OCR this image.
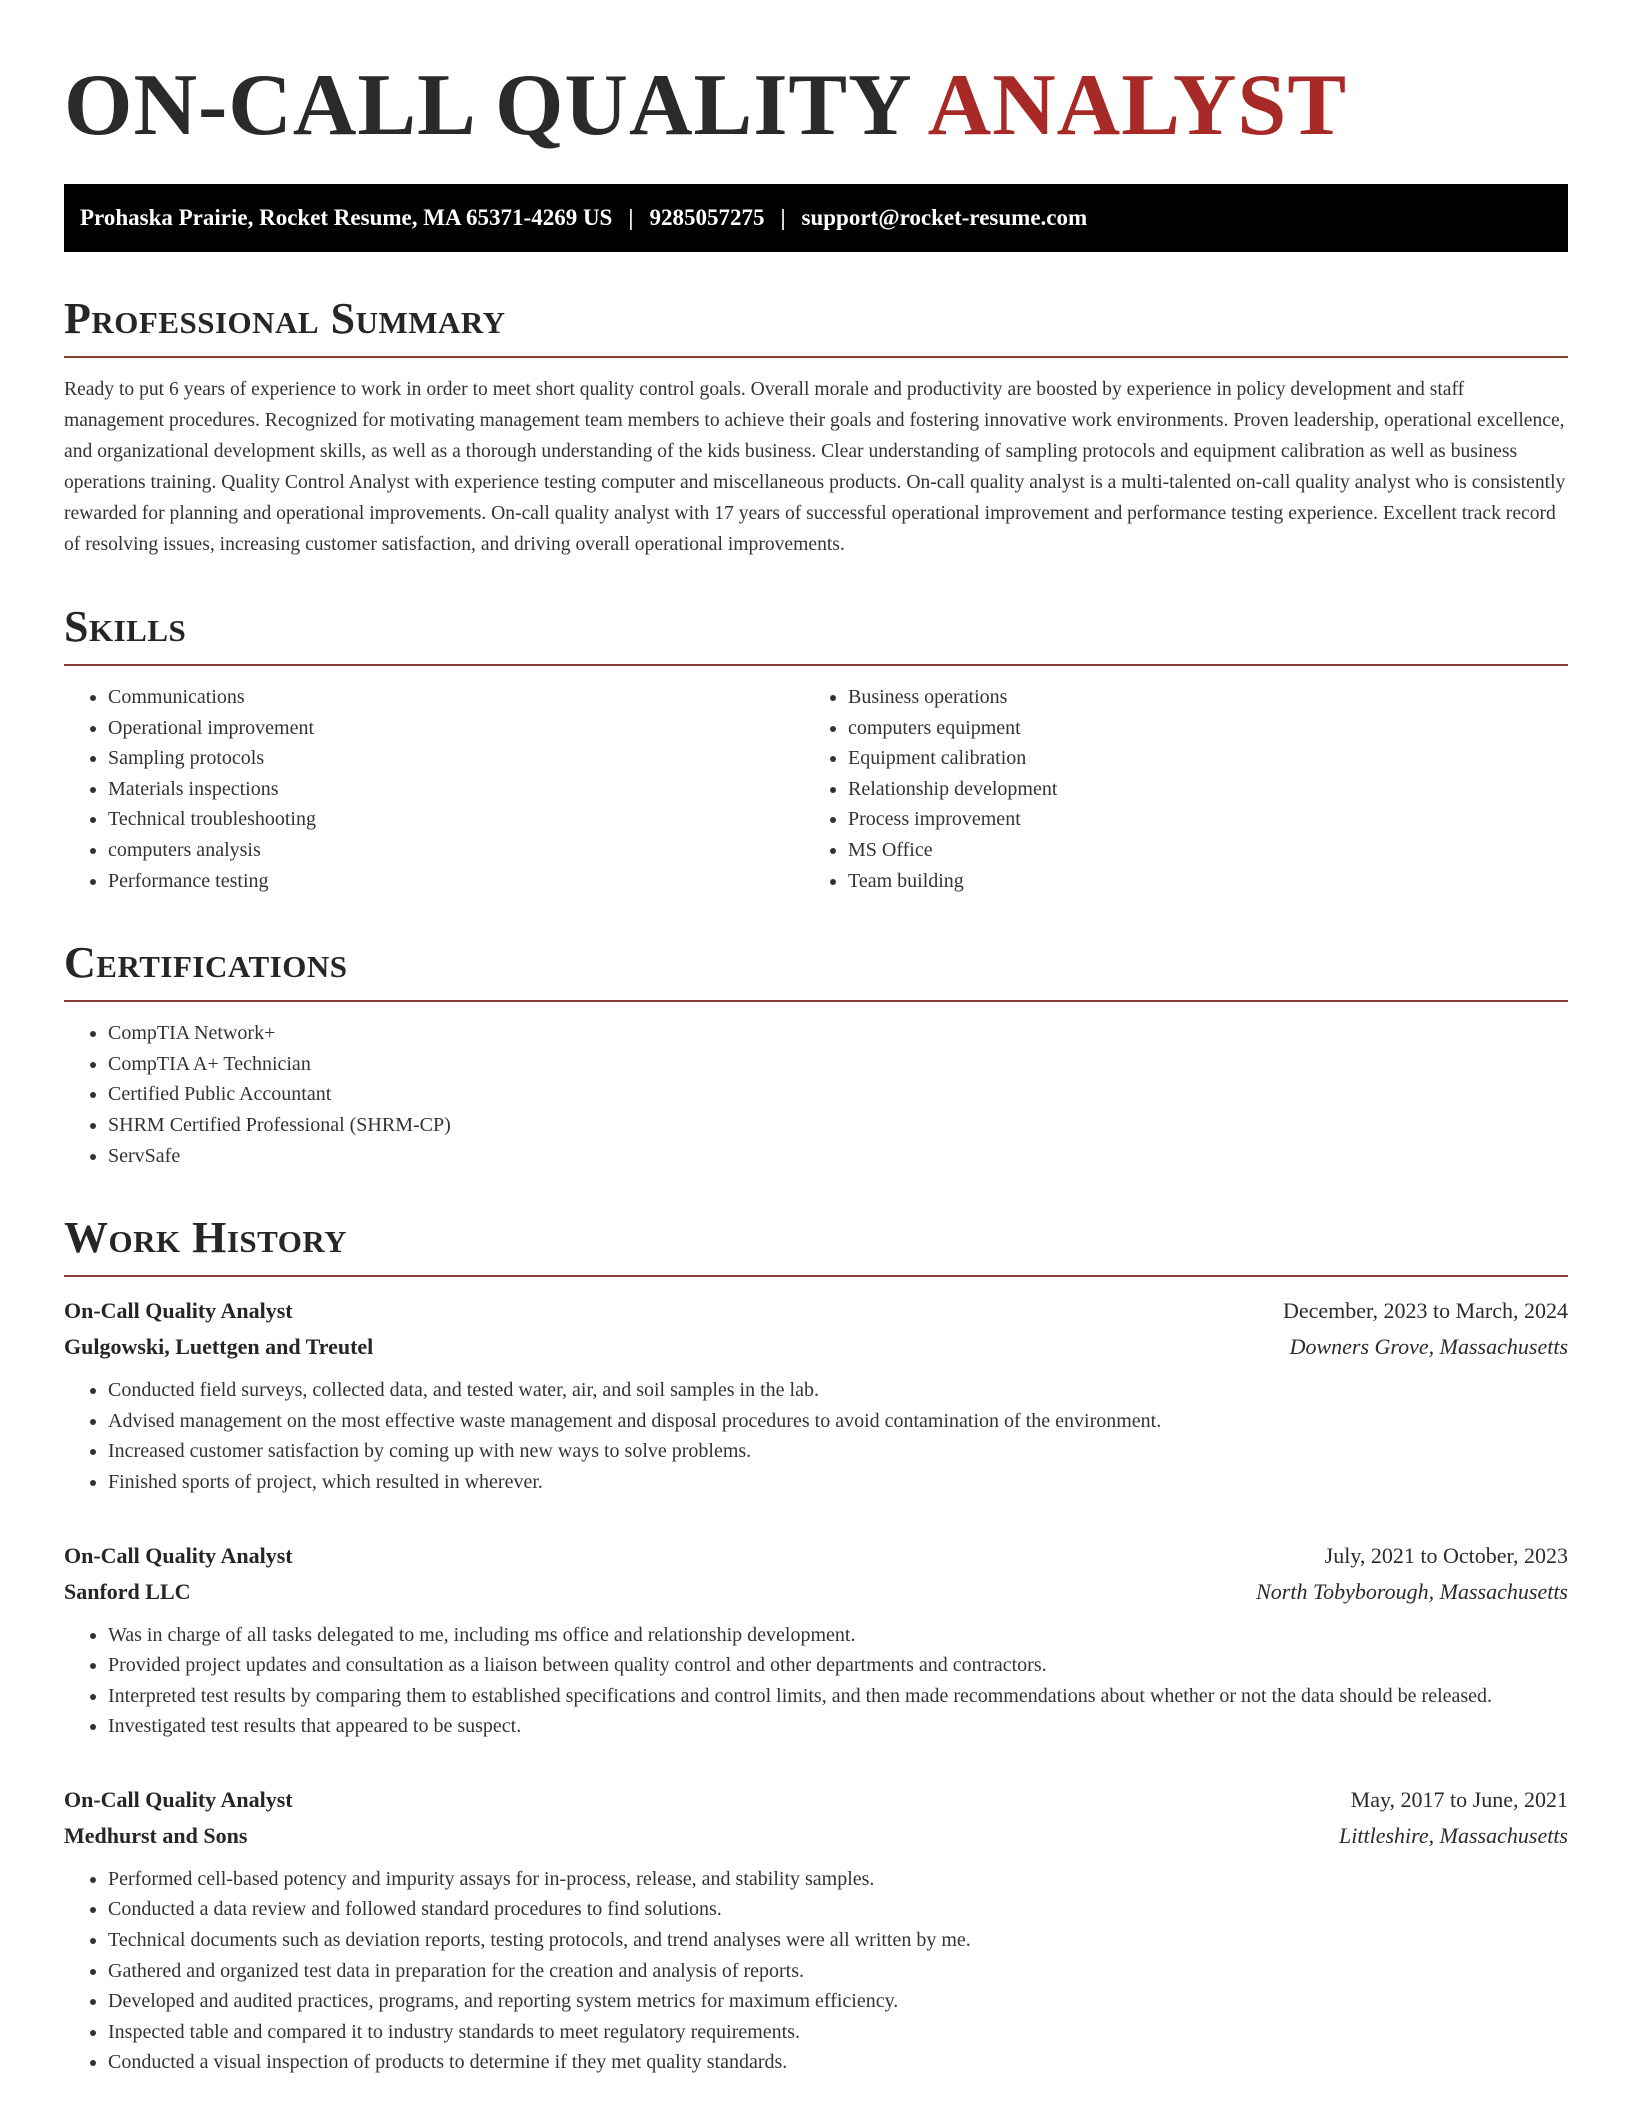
ON-CALL QUALITY ANALYST
Prohaska Prairie, Rocket Resume, MA 65371-4269 US | 9285057275 | support@rocket-resume.com
Professional Summary

Ready to put 6 years of experience to work in order to meet short quality control goals. Overall morale and productivity are boosted by experience in policy development and staff management procedures. Recognized for motivating management team members to achieve their goals and fostering innovative work environments. Proven leadership, operational excellence, and organizational development skills, as well as a thorough understanding of the kids business. Clear understanding of sampling protocols and equipment calibration as well as business operations training. Quality Control Analyst with experience testing computer and miscellaneous products. On-call quality analyst is a multi-talented on-call quality analyst who is consistently rewarded for planning and operational improvements. On-call quality analyst with 17 years of successful operational improvement and performance testing experience. Excellent track record of resolving issues, increasing customer satisfaction, and driving overall operational improvements.

Skills
• Communications
• Operational improvement
• Sampling protocols
• Materials inspections
• Technical troubleshooting
• computers analysis
• Performance testing
• Business operations
• computers equipment
• Equipment calibration
• Relationship development
• Process improvement
• MS Office
• Team building
Certifications
• CompTIA Network+
• CompTIA A+ Technician
• Certified Public Accountant
• SHRM Certified Professional (SHRM-CP)
• ServSafe
Work History
On-Call Quality Analyst	December, 2023 to March, 2024
Gulgowski, Luettgen and Treutel	Downers Grove, Massachusetts
• Conducted field surveys, collected data, and tested water, air, and soil samples in the lab.
• Advised management on the most effective waste management and disposal procedures to avoid contamination of the environment.
• Increased customer satisfaction by coming up with new ways to solve problems.
• Finished sports of project, which resulted in wherever.
On-Call Quality Analyst	July, 2021 to October, 2023
Sanford LLC	North Tobyborough, Massachusetts
• Was in charge of all tasks delegated to me, including ms office and relationship development.
• Provided project updates and consultation as a liaison between quality control and other departments and contractors.
• Interpreted test results by comparing them to established specifications and control limits, and then made recommendations about whether or not the data should be released.
• Investigated test results that appeared to be suspect.
On-Call Quality Analyst	May, 2017 to June, 2021
Medhurst and Sons	Littleshire, Massachusetts
• Performed cell-based potency and impurity assays for in-process, release, and stability samples.
• Conducted a data review and followed standard procedures to find solutions.
• Technical documents such as deviation reports, testing protocols, and trend analyses were all written by me.
• Gathered and organized test data in preparation for the creation and analysis of reports.
• Developed and audited practices, programs, and reporting system metrics for maximum efficiency.
• Inspected table and compared it to industry standards to meet regulatory requirements.
• Conducted a visual inspection of products to determine if they met quality standards.
